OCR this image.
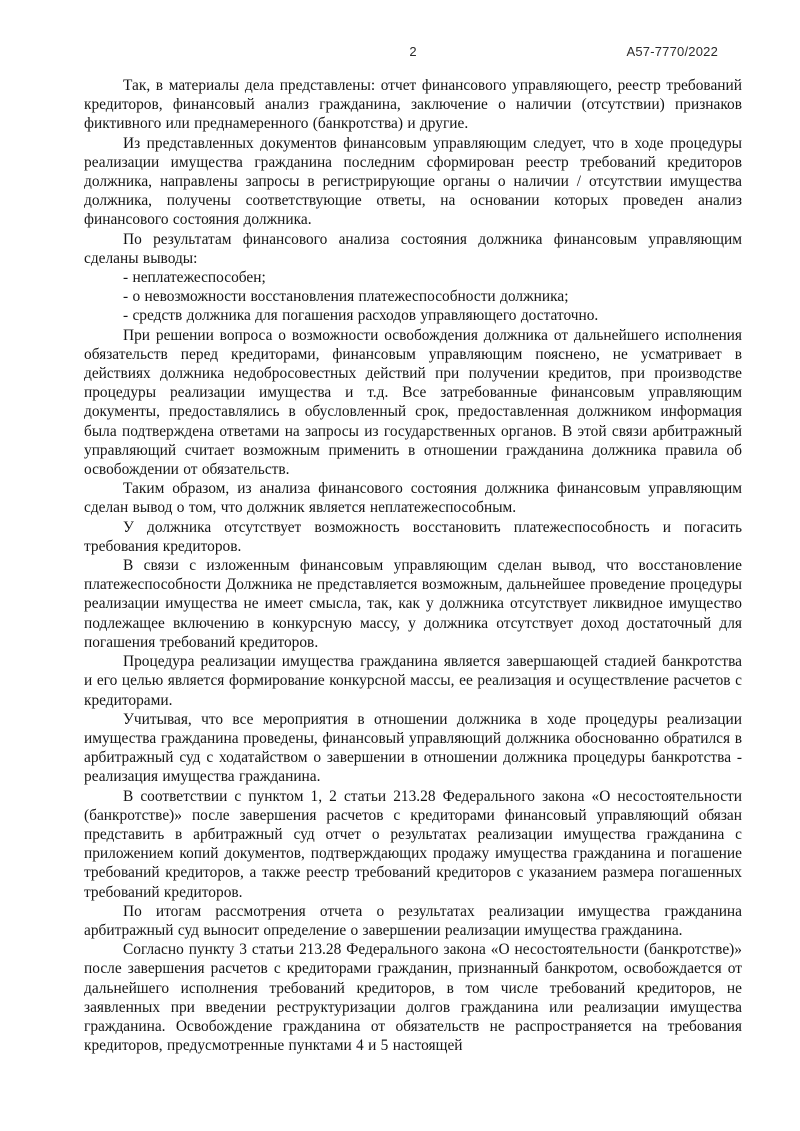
2	А57-7770/2022

Так, в материалы дела представлены: отчет финансового управляющего, реестр требований кредиторов, финансовый анализ гражданина, заключение о наличии (отсутствии) признаков фиктивного или преднамеренного (банкротства) и другие.

Из представленных документов финансовым управляющим следует, что в ходе процедуры реализации имущества гражданина последним сформирован реестр требований кредиторов должника, направлены запросы в регистрирующие органы о наличии / отсутствии имущества должника, получены соответствующие ответы, на основании которых проведен анализ финансового состояния должника.

По результатам финансового анализа состояния должника финансовым управляющим сделаны выводы:

- неплатежеспособен;

- о невозможности восстановления платежеспособности должника;

- средств должника для погашения расходов управляющего достаточно.

При решении вопроса о возможности освобождения должника от дальнейшего исполнения обязательств перед кредиторами, финансовым управляющим пояснено, не усматривает в действиях должника недобросовестных действий при получении кредитов, при производстве процедуры реализации имущества и т.д. Все затребованные финансовым управляющим документы, предоставлялись в обусловленный срок, предоставленная должником информация была подтверждена ответами на запросы из государственных органов. В этой связи арбитражный управляющий считает возможным применить в отношении гражданина должника правила об освобождении от обязательств.

Таким образом, из анализа финансового состояния должника финансовым управляющим сделан вывод о том, что должник является неплатежеспособным.

У должника отсутствует возможность восстановить платежеспособность и погасить требования кредиторов.

В связи с изложенным финансовым управляющим сделан вывод, что восстановление платежеспособности Должника не представляется возможным, дальнейшее проведение процедуры реализации имущества не имеет смысла, так, как у должника отсутствует ликвидное имущество подлежащее включению в конкурсную массу, у должника отсутствует доход достаточный для погашения требований кредиторов.

Процедура реализации имущества гражданина является завершающей стадией банкротства и его целью является формирование конкурсной массы, ее реализация и осуществление расчетов с кредиторами.

Учитывая, что все мероприятия в отношении должника в ходе процедуры реализации имущества гражданина проведены, финансовый управляющий должника обоснованно обратился в арбитражный суд с ходатайством о завершении в отношении должника процедуры банкротства - реализация имущества гражданина.

В соответствии с пунктом 1, 2 статьи 213.28 Федерального закона «О несостоятельности (банкротстве)» после завершения расчетов с кредиторами финансовый управляющий обязан представить в арбитражный суд отчет о результатах реализации имущества гражданина с приложением копий документов, подтверждающих продажу имущества гражданина и погашение требований кредиторов, а также реестр требований кредиторов с указанием размера погашенных требований кредиторов.

По итогам рассмотрения отчета о результатах реализации имущества гражданина арбитражный суд выносит определение о завершении реализации имущества гражданина.

Согласно пункту 3 статьи 213.28 Федерального закона «О несостоятельности (банкротстве)» после завершения расчетов с кредиторами гражданин, признанный банкротом, освобождается от дальнейшего исполнения требований кредиторов, в том числе требований кредиторов, не заявленных при введении реструктуризации долгов гражданина или реализации имущества гражданина. Освобождение гражданина от обязательств не распространяется на требования кредиторов, предусмотренные пунктами 4 и 5 настоящей
